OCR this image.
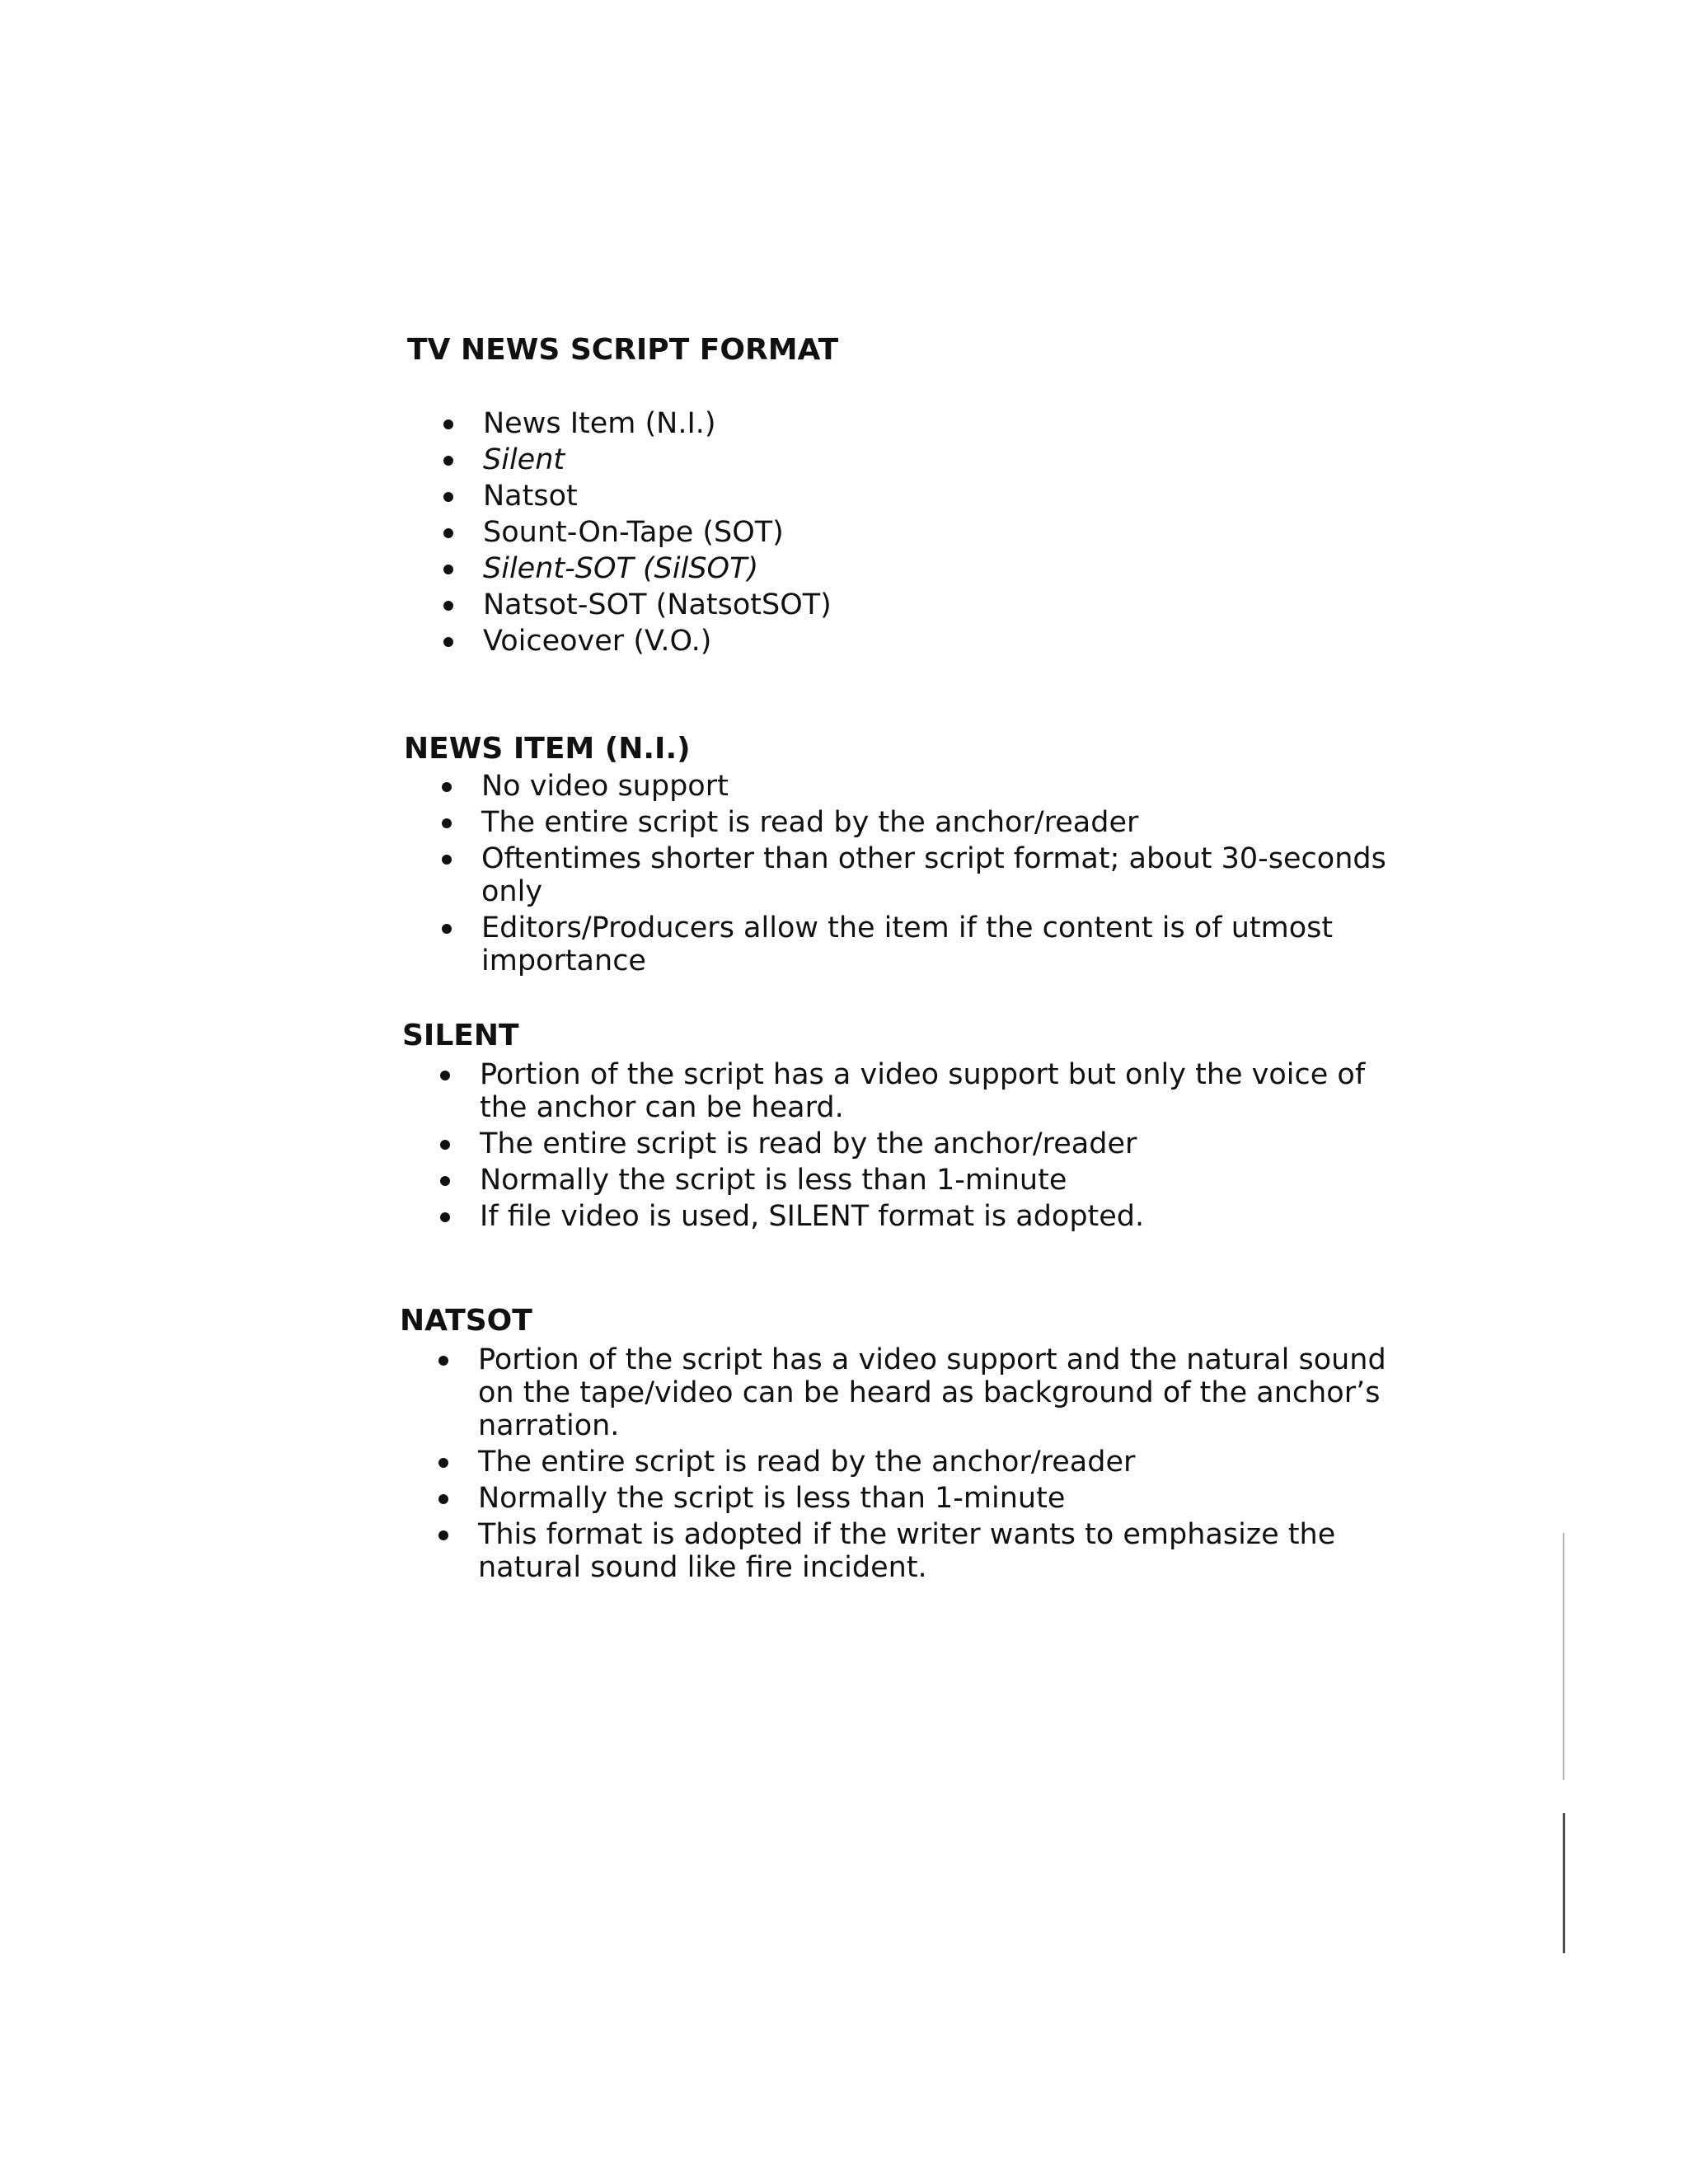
TV NEWS SCRIPT FORMAT
News Item (N.I.)
Silent
Natsot
Sount-On-Tape (SOT)
Silent-SOT (SilSOT)
Natsot-SOT (NatsotSOT)
Voiceover (V.O.)
NEWS ITEM (N.I.)
No video support
The entire script is read by the anchor/reader
Oftentimes shorter than other script format; about 30-seconds only
Editors/Producers allow the item if the content is of utmost importance
SILENT
Portion of the script has a video support but only the voice of the anchor can be heard.
The entire script is read by the anchor/reader
Normally the script is less than 1-minute
If file video is used, SILENT format is adopted.
NATSOT
Portion of the script has a video support and the natural sound on the tape/video can be heard as background of the anchor’s narration.
The entire script is read by the anchor/reader
Normally the script is less than 1-minute
This format is adopted if the writer wants to emphasize the natural sound like fire incident.
